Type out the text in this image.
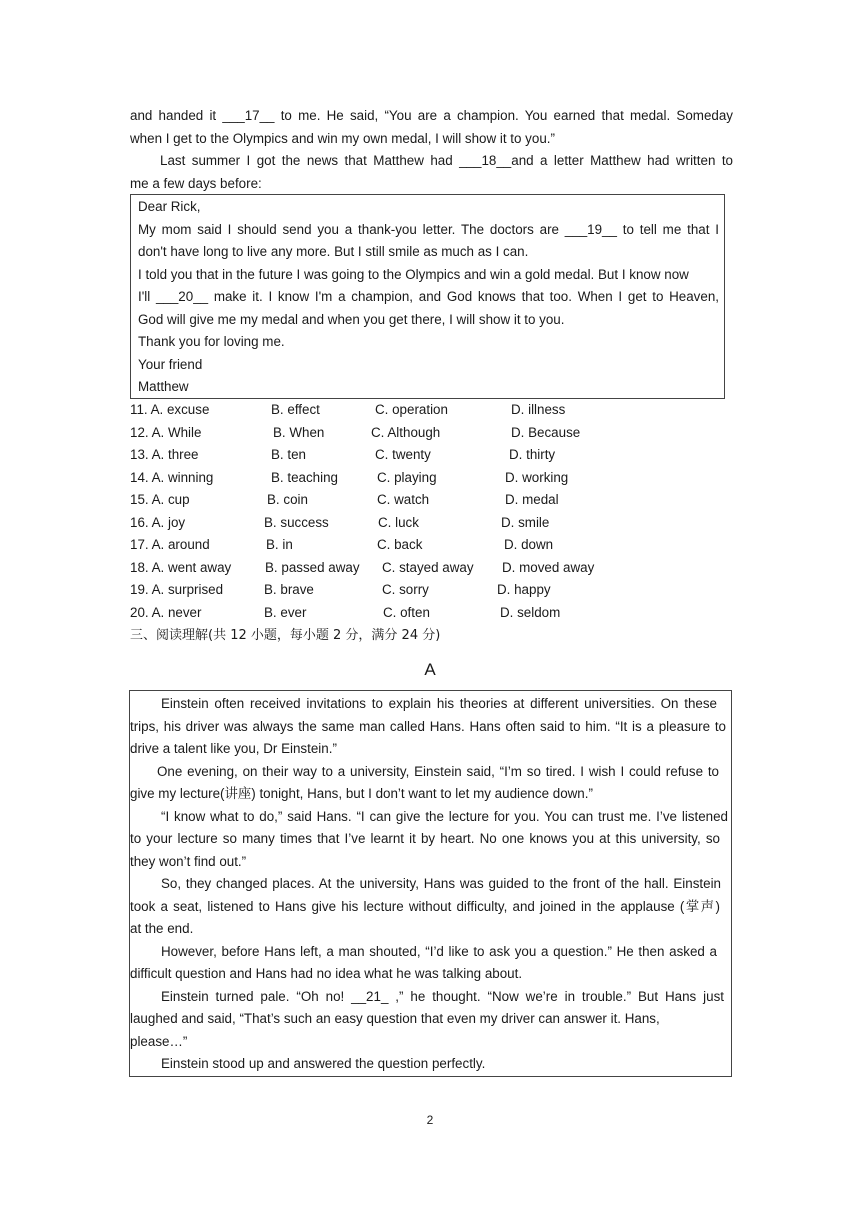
and handed it ___17__ to me. He said, “You are a champion. You earned that medal. Someday
when I get to the Olympics and win my own medal, I will show it to you.”
Last summer I got the news that Matthew had ___18__and a letter Matthew had written to
me a few days before:
Dear Rick,
My mom said I should send you a thank-you letter. The doctors are ___19__ to tell me that I
don't have long to live any more. But I still smile as much as I can.
I told you that in the future I was going to the Olympics and win a gold medal. But I know now
I'll ___20__ make it. I know I'm a champion, and God knows that too. When I get to Heaven,
God will give me my medal and when you get there, I will show it to you.
Thank you for loving me.
Your friend
Matthew
11. A. excuse	B. effect	C. operation	D. illness
12. A. While	B. When	C. Although	D. Because
13. A. three	B. ten	C. twenty	D. thirty
14. A. winning	B. teaching	C. playing	D. working
15. A. cup	B. coin	C. watch	D. medal
16. A. joy	B. success	C. luck	D. smile
17. A. around	B. in	C. back	D. down
18. A. went away	B. passed away C. stayed away D. moved away
19. A. surprised	B. brave	C. sorry	D. happy
20. A. never	B. ever	C. often	D. seldom
三、阅读理解(共 12 小题，每小题 2 分，满分 24 分)
A
Einstein often received invitations to explain his theories at different universities. On these
trips, his driver was always the same man called Hans. Hans often said to him. “It is a pleasure to
drive a talent like you, Dr Einstein.”
One evening, on their way to a university, Einstein said, “I’m so tired. I wish I could refuse to
give my lecture(讲座) tonight, Hans, but I don’t want to let my audience down.”
“I know what to do,” said Hans. “I can give the lecture for you. You can trust me. I’ve listened
to your lecture so many times that I’ve learnt it by heart. No one knows you at this university, so
they won’t find out.”
So, they changed places. At the university, Hans was guided to the front of the hall. Einstein
took a seat, listened to Hans give his lecture without difficulty, and joined in the applause (掌声)
at the end.
However, before Hans left, a man shouted, “I’d like to ask you a question.” He then asked a
difficult question and Hans had no idea what he was talking about.
Einstein turned pale. “Oh no! __21_ ,” he thought. “Now we’re in trouble.” But Hans just
laughed and said, “That’s such an easy question that even my driver can answer it. Hans,
please…”
Einstein stood up and answered the question perfectly.
2
